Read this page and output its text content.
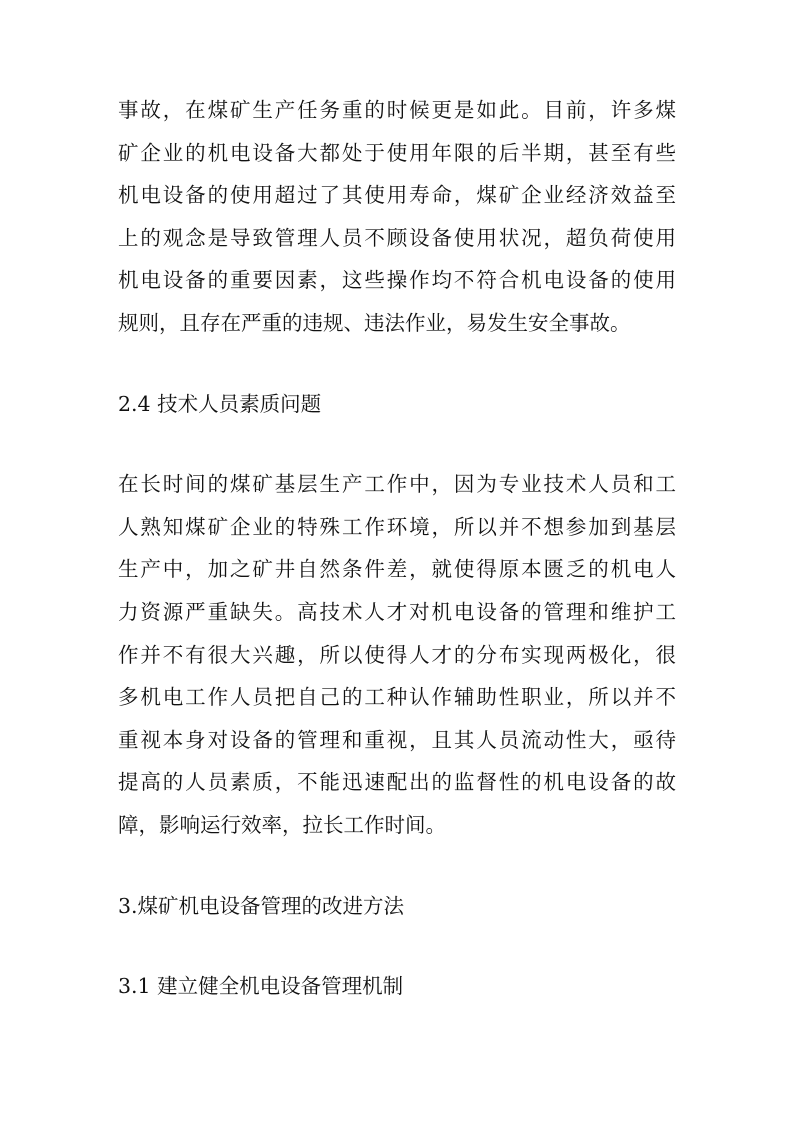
事故，在煤矿生产任务重的时候更是如此。目前，许多煤
矿企业的机电设备大都处于使用年限的后半期，甚至有些
机电设备的使用超过了其使用寿命，煤矿企业经济效益至
上的观念是导致管理人员不顾设备使用状况，超负荷使用
机电设备的重要因素，这些操作均不符合机电设备的使用
规则，且存在严重的违规、违法作业，易发生安全事故。
2.4 技术人员素质问题
在长时间的煤矿基层生产工作中，因为专业技术人员和工
人熟知煤矿企业的特殊工作环境，所以并不想参加到基层
生产中，加之矿井自然条件差，就使得原本匮乏的机电人
力资源严重缺失。高技术人才对机电设备的管理和维护工
作并不有很大兴趣，所以使得人才的分布实现两极化，很
多机电工作人员把自己的工种认作辅助性职业，所以并不
重视本身对设备的管理和重视，且其人员流动性大，亟待
提高的人员素质，不能迅速配出的监督性的机电设备的故
障，影响运行效率，拉长工作时间。
3.煤矿机电设备管理的改进方法
3.1 建立健全机电设备管理机制
